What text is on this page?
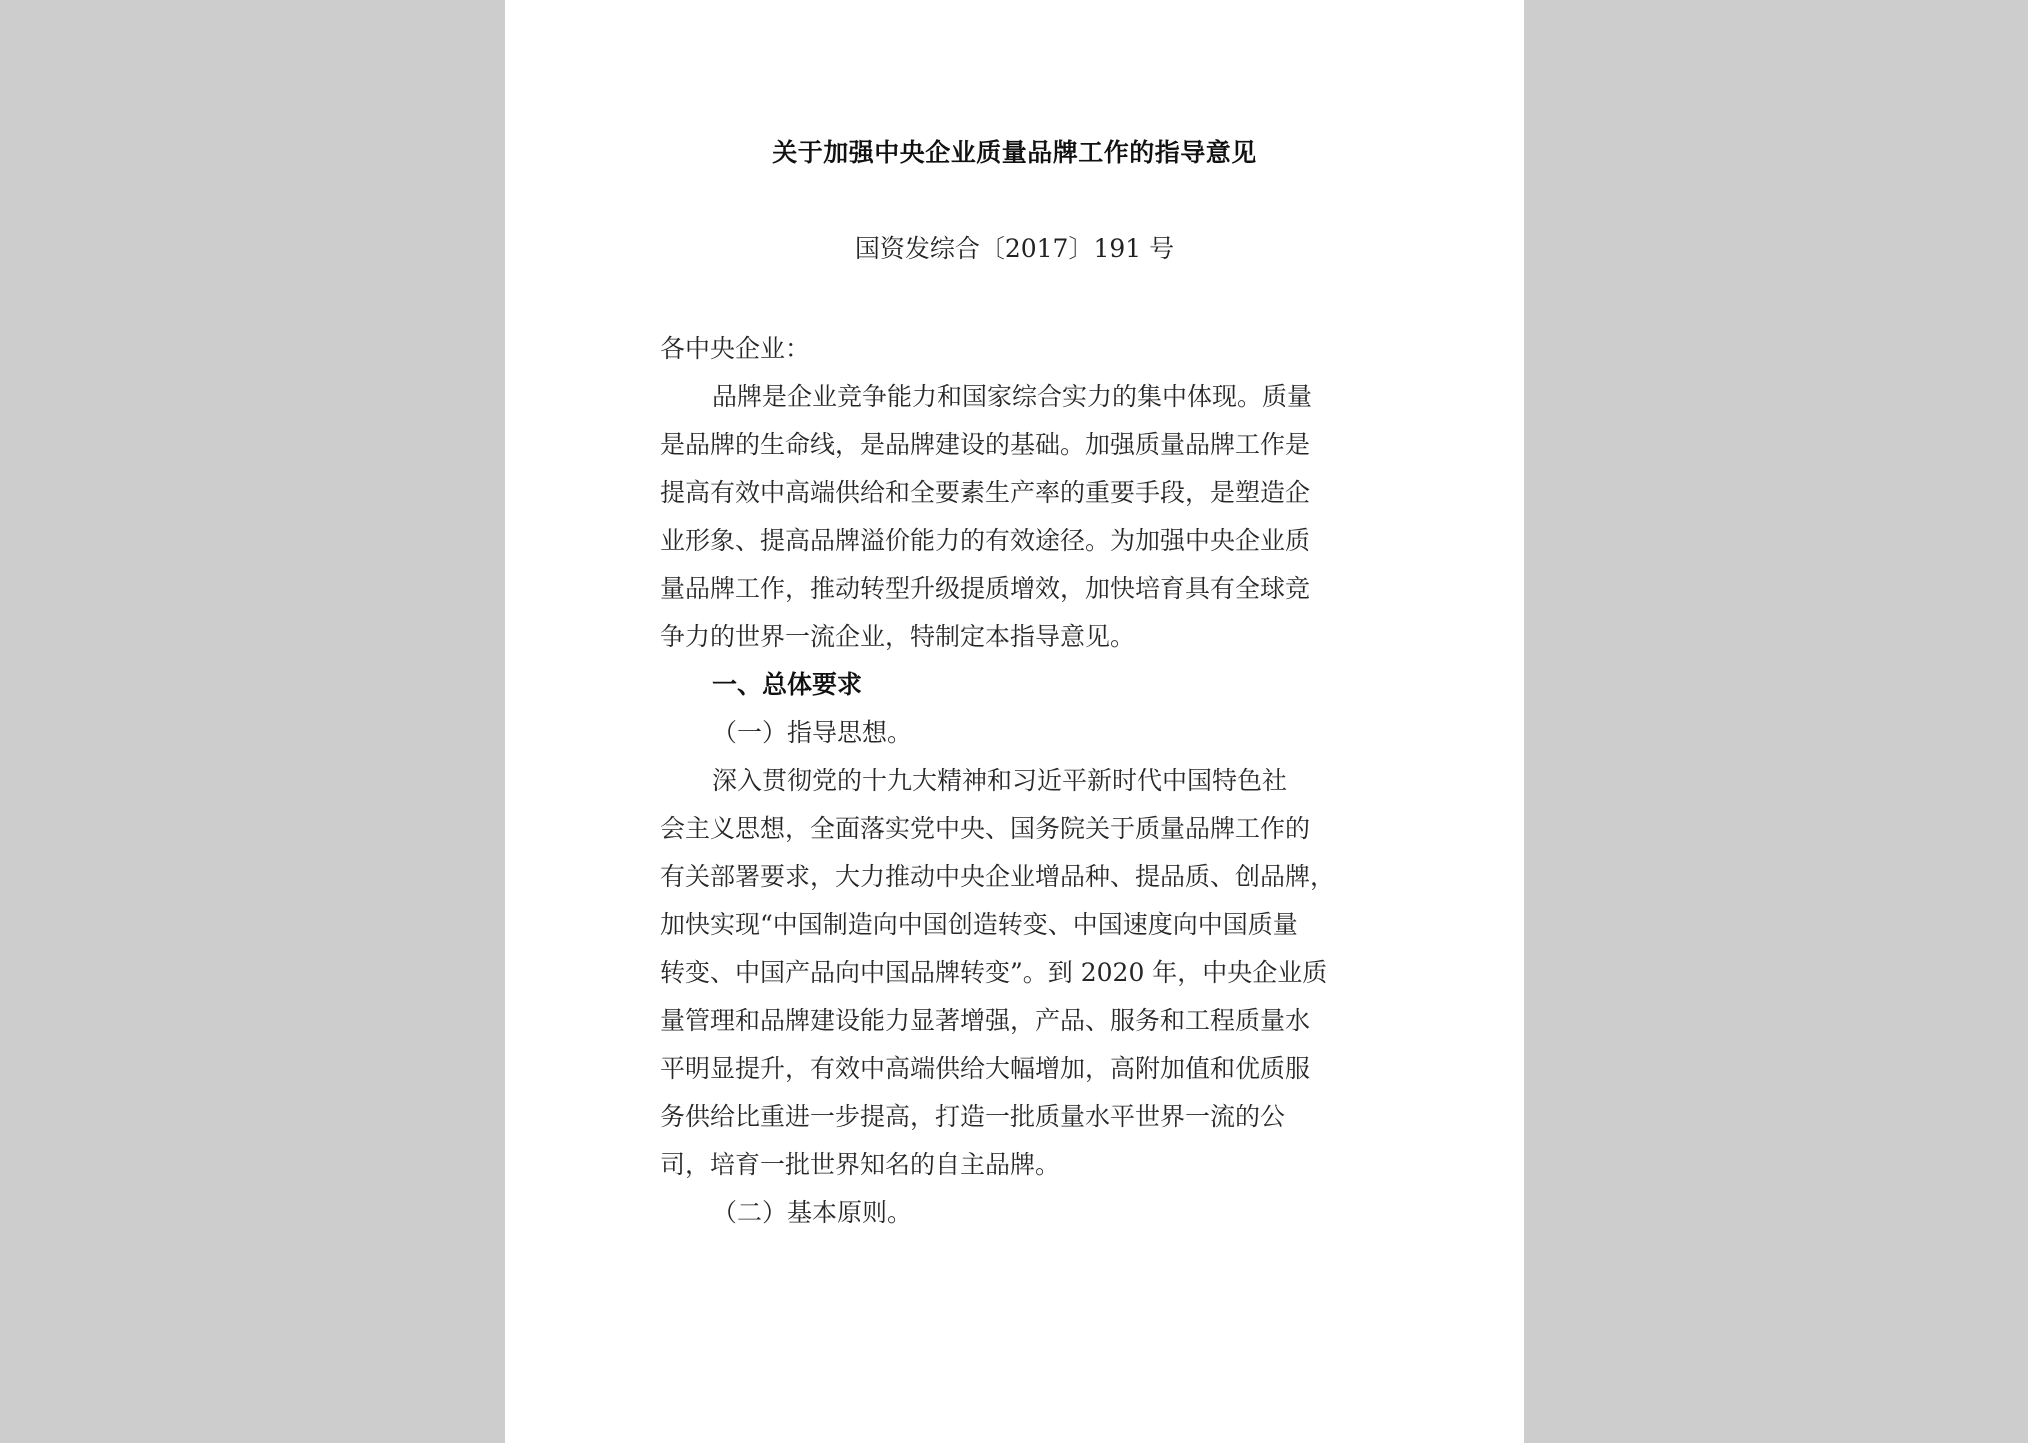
关于加强中央企业质量品牌工作的指导意见
国资发综合〔2017〕191 号
各中央企业：
品牌是企业竞争能力和国家综合实力的集中体现。质量
是品牌的生命线，是品牌建设的基础。加强质量品牌工作是
提高有效中高端供给和全要素生产率的重要手段，是塑造企
业形象、提高品牌溢价能力的有效途径。为加强中央企业质
量品牌工作，推动转型升级提质增效，加快培育具有全球竞
争力的世界一流企业，特制定本指导意见。
一、总体要求
（一）指导思想。
深入贯彻党的十九大精神和习近平新时代中国特色社
会主义思想，全面落实党中央、国务院关于质量品牌工作的
有关部署要求，大力推动中央企业增品种、提品质、创品牌，
加快实现“中国制造向中国创造转变、中国速度向中国质量
转变、中国产品向中国品牌转变”。到 2020 年，中央企业质
量管理和品牌建设能力显著增强，产品、服务和工程质量水
平明显提升，有效中高端供给大幅增加，高附加值和优质服
务供给比重进一步提高，打造一批质量水平世界一流的公
司，培育一批世界知名的自主品牌。
（二）基本原则。
